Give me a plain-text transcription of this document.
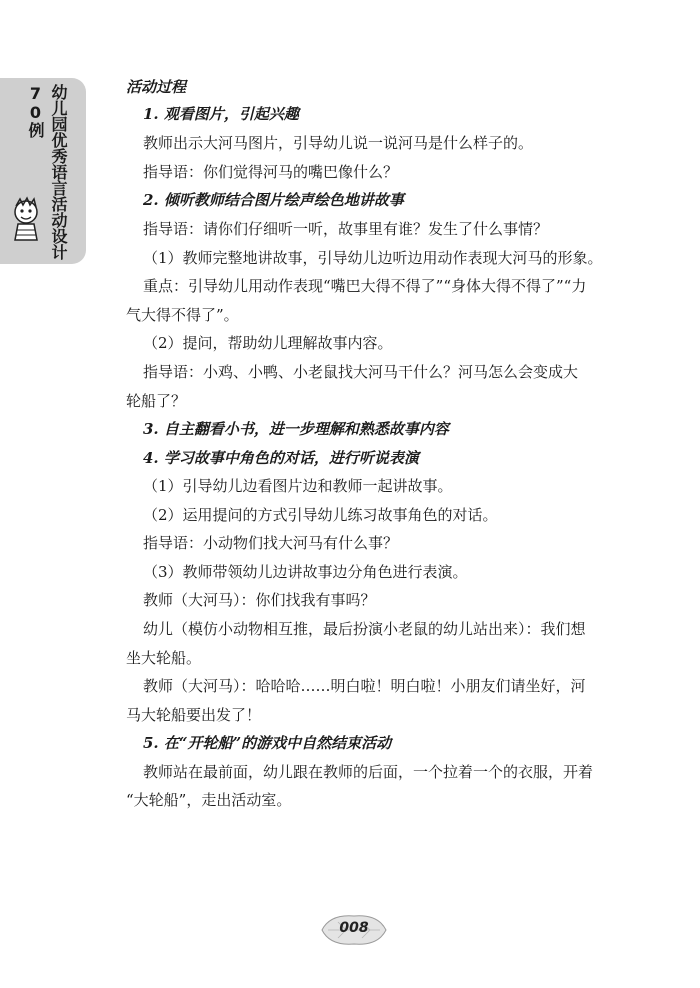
幼儿园优秀语言活动设计70例	活动过程
1. 观看图片，引起兴趣
教师出示大河马图片，引导幼儿说一说河马是什么样子的。
指导语：你们觉得河马的嘴巴像什么？
2. 倾听教师结合图片绘声绘色地讲故事
指导语：请你们仔细听一听，故事里有谁？发生了什么事情？
（1）教师完整地讲故事，引导幼儿边听边用动作表现大河马的形象。
重点：引导幼儿用动作表现“嘴巴大得不得了”“身体大得不得了”“力
气大得不得了”。
（2）提问，帮助幼儿理解故事内容。
指导语：小鸡、小鸭、小老鼠找大河马干什么？河马怎么会变成大
轮船了？
3. 自主翻看小书，进一步理解和熟悉故事内容
4. 学习故事中角色的对话，进行听说表演
（1）引导幼儿边看图片边和教师一起讲故事。
（2）运用提问的方式引导幼儿练习故事角色的对话。
指导语：小动物们找大河马有什么事？
（3）教师带领幼儿边讲故事边分角色进行表演。
教师（大河马）：你们找我有事吗？
幼儿（模仿小动物相互推，最后扮演小老鼠的幼儿站出来）：我们想
坐大轮船。
教师（大河马）：哈哈哈……明白啦！明白啦！小朋友们请坐好，河
马大轮船要出发了！
5. 在“开轮船”的游戏中自然结束活动
教师站在最前面，幼儿跟在教师的后面，一个拉着一个的衣服，开着
“大轮船”，走出活动室。
008
